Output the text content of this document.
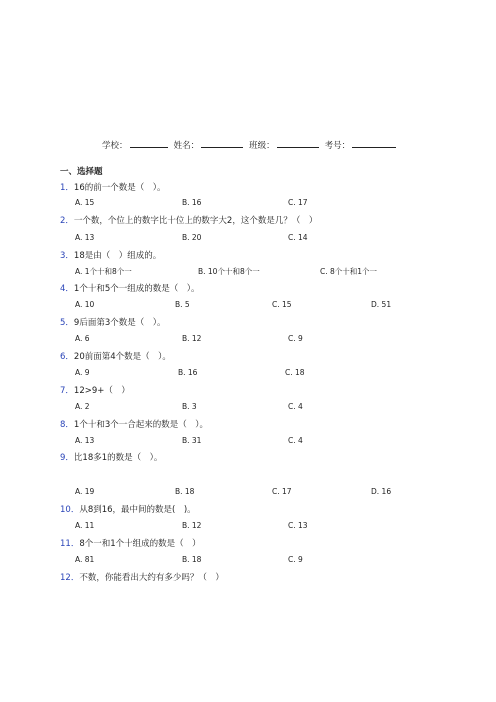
学校：	姓名：	班级：	考号：
一、选择题
1．16的前一个数是（　）。
A. 15	B. 16	C. 17
2．一个数，个位上的数字比十位上的数字大2，这个数是几？（　）
A. 13	B. 20	C. 14
3．18是由（　）组成的。
A. 1个十和8个一	B. 10个十和8个一	C. 8个十和1个一
4．1个十和5个一组成的数是（　）。
A. 10	B. 5	C. 15	D. 51
5．9后面第3个数是（　）。
A. 6	B. 12	C. 9
6．20前面第4个数是（　）。
A. 9	B. 16	C. 18
7．12>9+（　）
A. 2	B. 3	C. 4
8．1个十和3个一合起来的数是（　）。
A. 13	B. 31	C. 4
9．比18多1的数是（　）。
A. 19	B. 18	C. 17	D. 16
10．从8到16，最中间的数是(　)。
A. 11	B. 12	C. 13
11．8个一和1个十组成的数是（　）
A. 81	B. 18	C. 9
12．不数，你能看出大约有多少吗？（　）
